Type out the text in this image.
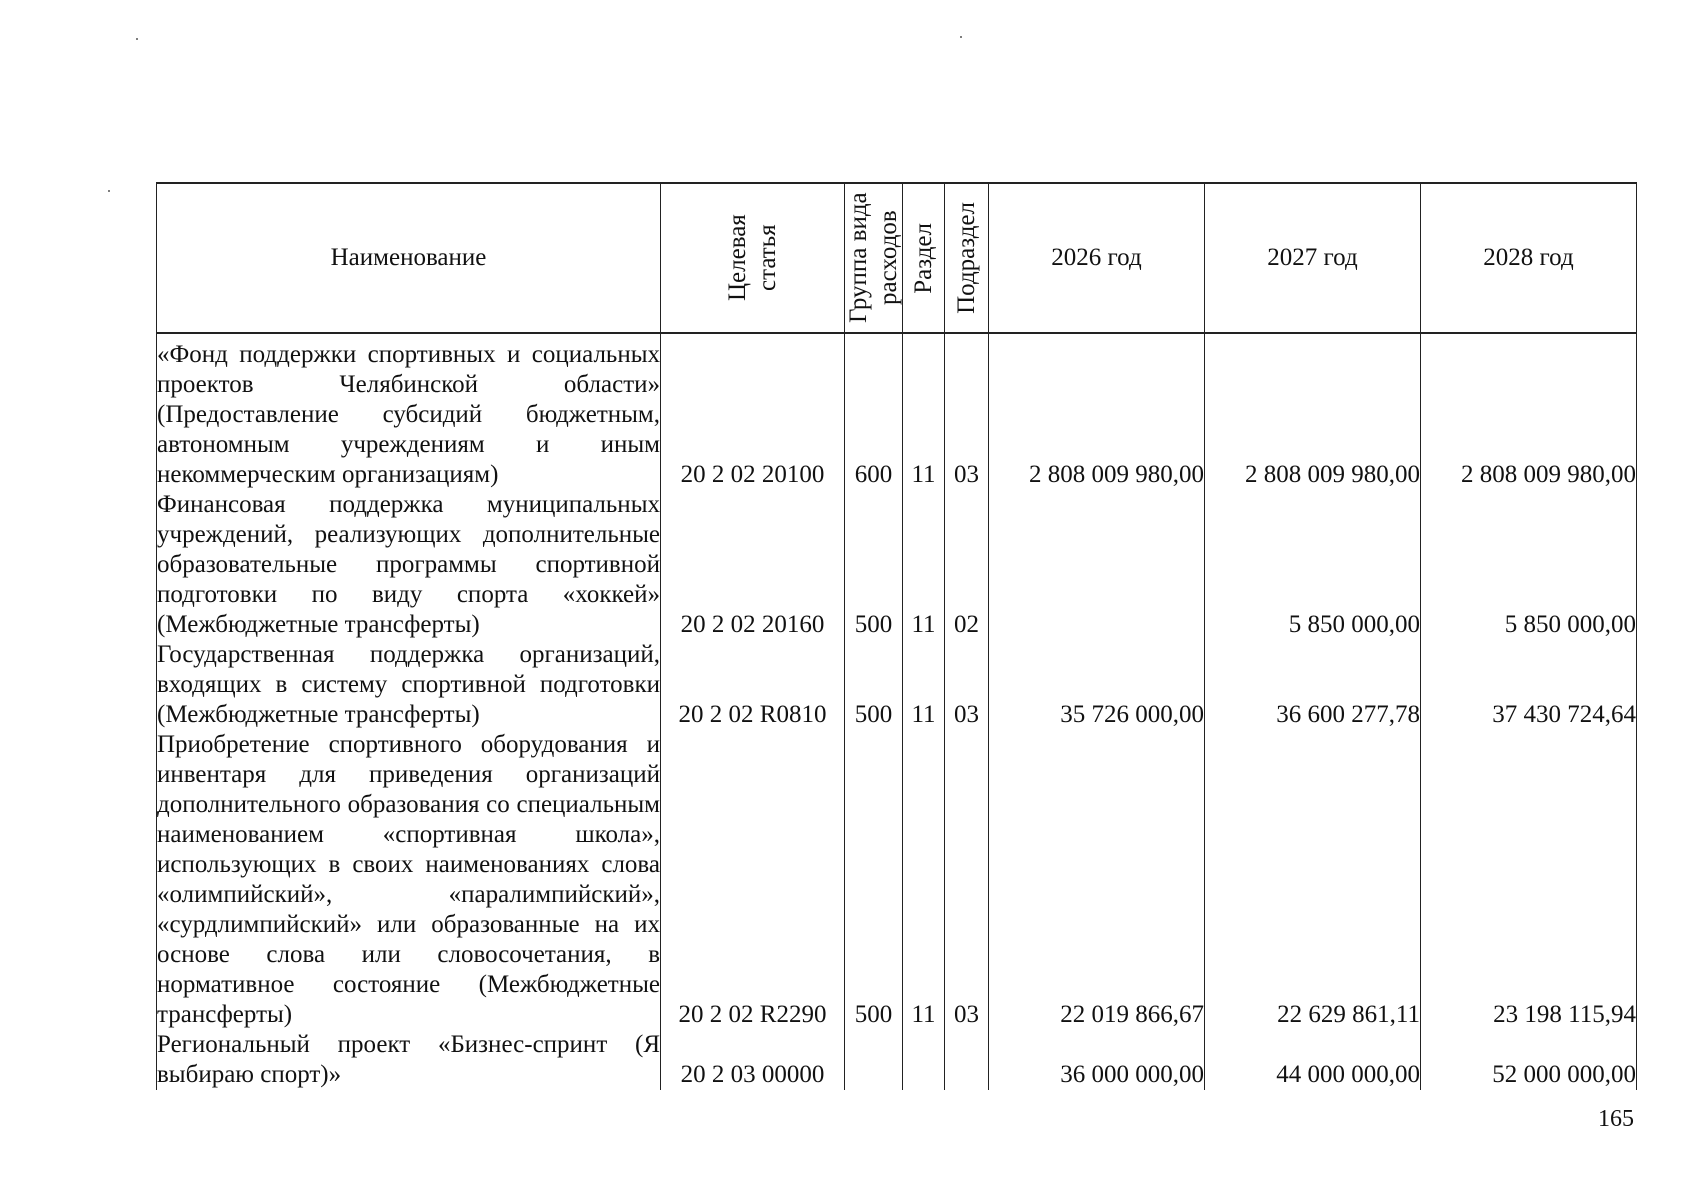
Наименование	Целевая статья	Группа вида расходов	Раздел	Подраздел	2026 год	2027 год	2028 год
«Фонд поддержки спортивных и социальных проектов Челябинской области» (Предоставление субсидий бюджетным, автономным учреждениям и иным некоммерческим организациям)	20 2 02 20100	600	11	03	2 808 009 980,00	2 808 009 980,00	2 808 009 980,00
Финансовая поддержка муниципальных учреждений, реализующих дополнительные образовательные программы спортивной подготовки по виду спорта «хоккей» (Межбюджетные трансферты)	20 2 02 20160	500	11	02		5 850 000,00	5 850 000,00
Государственная поддержка организаций, входящих в систему спортивной подготовки (Межбюджетные трансферты)	20 2 02 R0810	500	11	03	35 726 000,00	36 600 277,78	37 430 724,64
Приобретение спортивного оборудования и инвентаря для приведения организаций дополнительного образования со специальным наименованием «спортивная школа», использующих в своих наименованиях слова «олимпийский», «паралимпийский», «сурдлимпийский» или образованные на их основе слова или словосочетания, в нормативное состояние (Межбюджетные трансферты)	20 2 02 R2290	500	11	03	22 019 866,67	22 629 861,11	23 198 115,94
Региональный проект «Бизнес-спринт (Я выбираю спорт)»	20 2 03 00000				36 000 000,00	44 000 000,00	52 000 000,00
165
